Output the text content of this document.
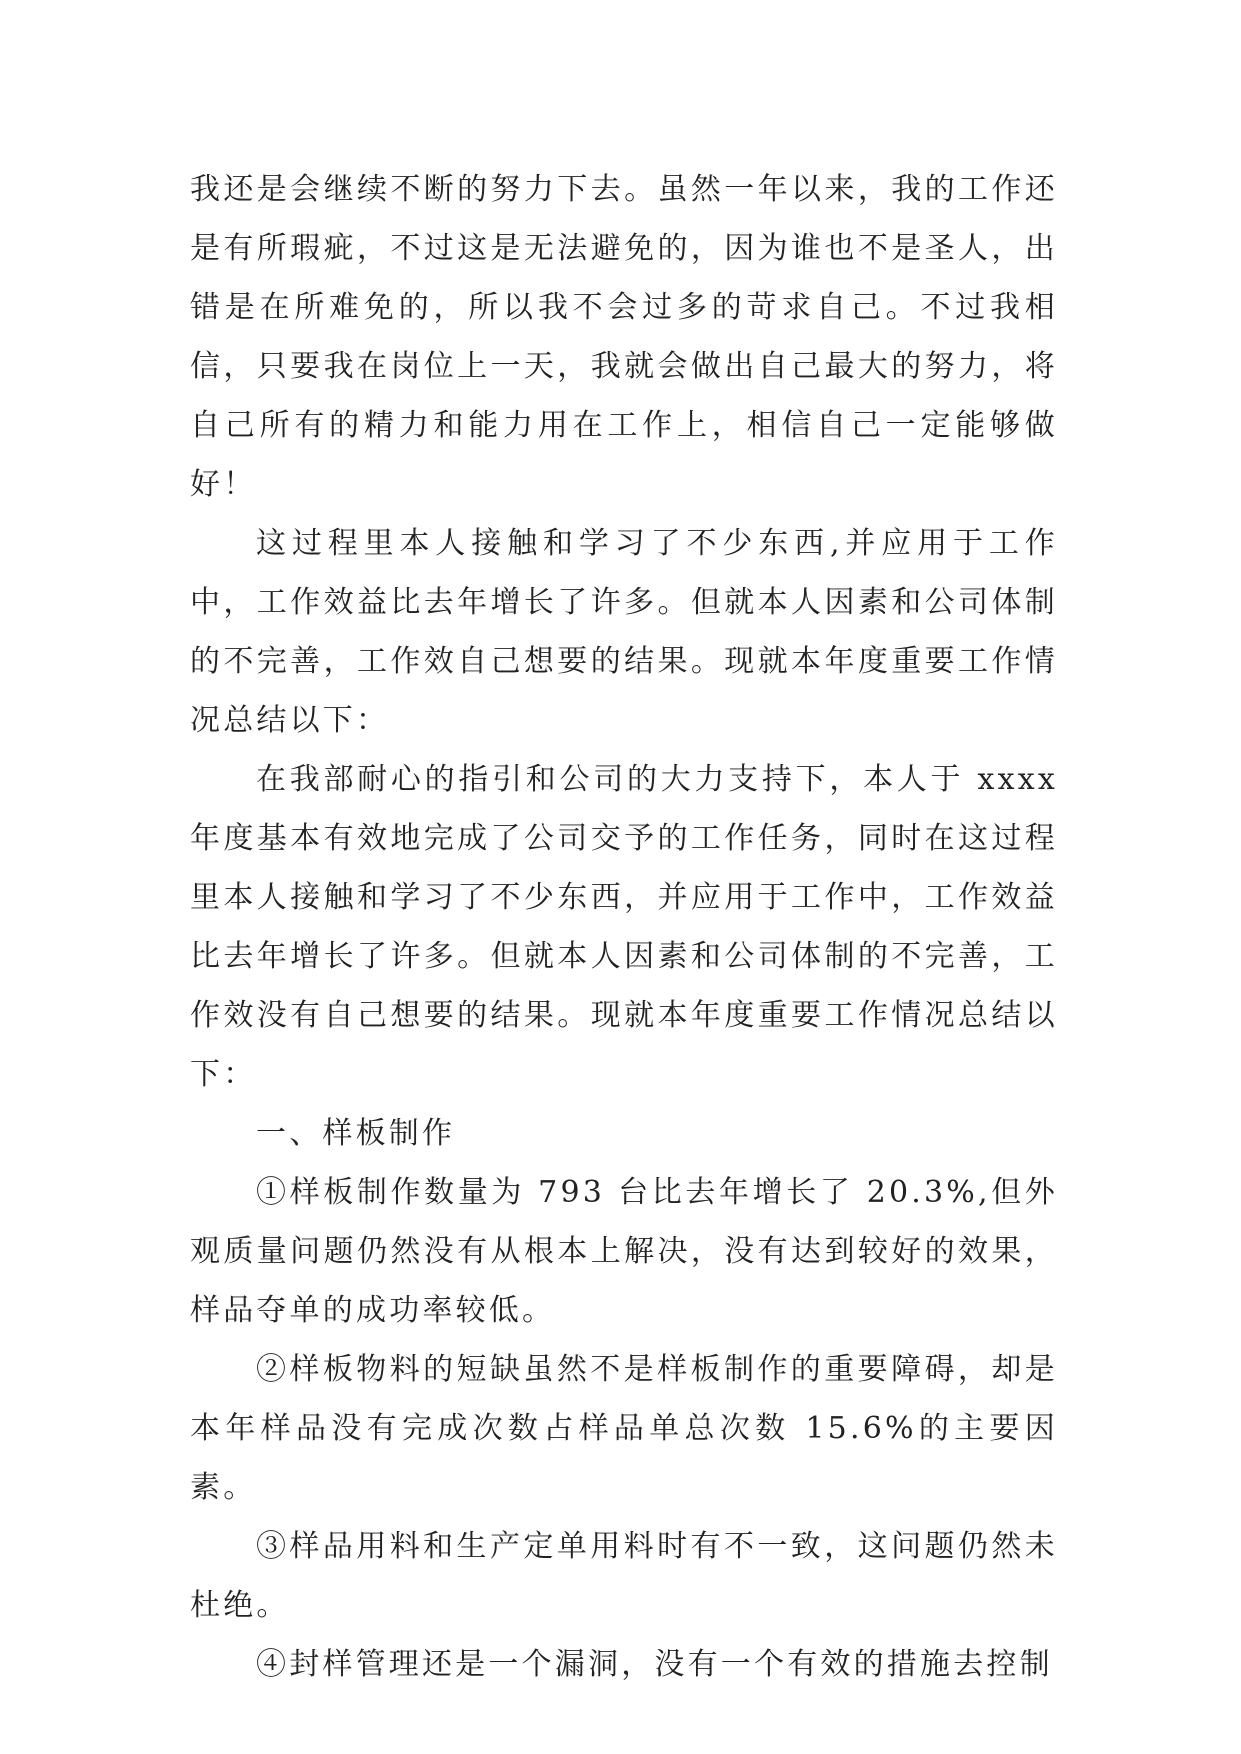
我还是会继续不断的努力下去。虽然一年以来，我的工作还是有所瑕疵，不过这是无法避免的，因为谁也不是圣人，出错是在所难免的，所以我不会过多的苛求自己。不过我相信，只要我在岗位上一天，我就会做出自己最大的努力，将自己所有的精力和能力用在工作上，相信自己一定能够做好！

这过程里本人接触和学习了不少东西,并应用于工作中，工作效益比去年增长了许多。但就本人因素和公司体制的不完善，工作效自己想要的结果。现就本年度重要工作情况总结以下：

在我部耐心的指引和公司的大力支持下，本人于 xxxx 年度基本有效地完成了公司交予的工作任务，同时在这过程里本人接触和学习了不少东西，并应用于工作中，工作效益比去年增长了许多。但就本人因素和公司体制的不完善，工作效没有自己想要的结果。现就本年度重要工作情况总结以下：

一、样板制作

①样板制作数量为 793 台比去年增长了 20.3%,但外观质量问题仍然没有从根本上解决，没有达到较好的效果，样品夺单的成功率较低。

②样板物料的短缺虽然不是样板制作的重要障碍，却是本年样品没有完成次数占样品单总次数 15.6%的主要因素。

③样品用料和生产定单用料时有不一致，这问题仍然未杜绝。

④封样管理还是一个漏洞，没有一个有效的措施去控制
